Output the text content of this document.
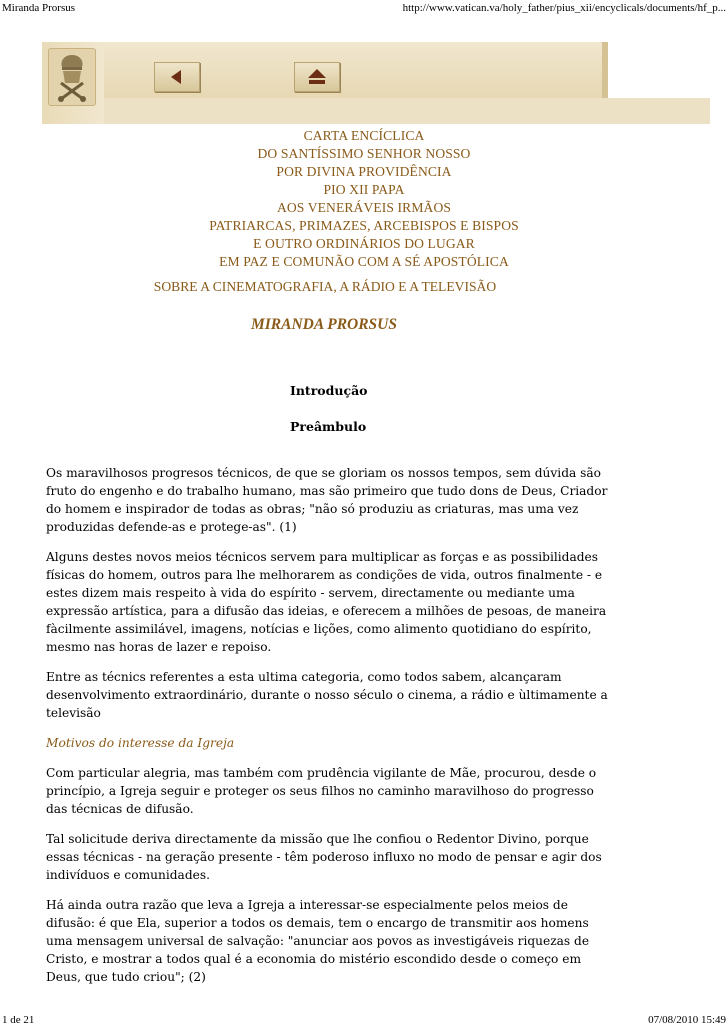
Miranda Prorsus	http://www.vatican.va/holy_father/pius_xii/encyclicals/documents/hf_p...
CARTA ENCÍCLICA
DO SANTÍSSIMO SENHOR NOSSO
POR DIVINA PROVIDÊNCIA
PIO XII PAPA
AOS VENERÁVEIS IRMÃOS
PATRIARCAS, PRIMAZES, ARCEBISPOS E BISPOS
E OUTRO ORDINÁRIOS DO LUGAR
EM PAZ E COMUNÃO COM A SÉ APOSTÓLICA
SOBRE A CINEMATOGRAFIA, A RÁDIO E A TELEVISÃO
MIRANDA PRORSUS
Introdução
Preâmbulo

Os maravilhosos progresos técnicos, de que se gloriam os nossos tempos, sem dúvida são fruto do engenho e do trabalho humano, mas são primeiro que tudo dons de Deus, Criador do homem e inspirador de todas as obras; "não só produziu as criaturas, mas uma vez produzidas defende-as e protege-as". (1)

Alguns destes novos meios técnicos servem para multiplicar as forças e as possibilidades físicas do homem, outros para lhe melhorarem as condições de vida, outros finalmente - e estes dizem mais respeito à vida do espírito - servem, directamente ou mediante uma expressão artística, para a difusão das ideias, e oferecem a milhões de pesoas, de maneira fàcilmente assimilável, imagens, notícias e lições, como alimento quotidiano do espírito, mesmo nas horas de lazer e repoiso.

Entre as técnics referentes a esta ultima categoria, como todos sabem, alcançaram desenvolvimento extraordinário, durante o nosso século o cinema, a rádio e ùltimamente a televisão

Motivos do interesse da Igreja

Com particular alegria, mas também com prudência vigilante de Mãe, procurou, desde o princípio, a Igreja seguir e proteger os seus filhos no caminho maravilhoso do progresso das técnicas de difusão.

Tal solicitude deriva directamente da missão que lhe confiou o Redentor Divino, porque essas técnicas - na geração presente - têm poderoso influxo no modo de pensar e agir dos indivíduos e comunidades.

Há ainda outra razão que leva a Igreja a interessar-se especialmente pelos meios de difusão: é que Ela, superior a todos os demais, tem o encargo de transmitir aos homens uma mensagem universal de salvação: "anunciar aos povos as investigáveis riquezas de Cristo, e mostrar a todos qual é a economia do mistério escondido desde o começo em Deus, que tudo criou"; (2)

1 de 21	07/08/2010 15:49
